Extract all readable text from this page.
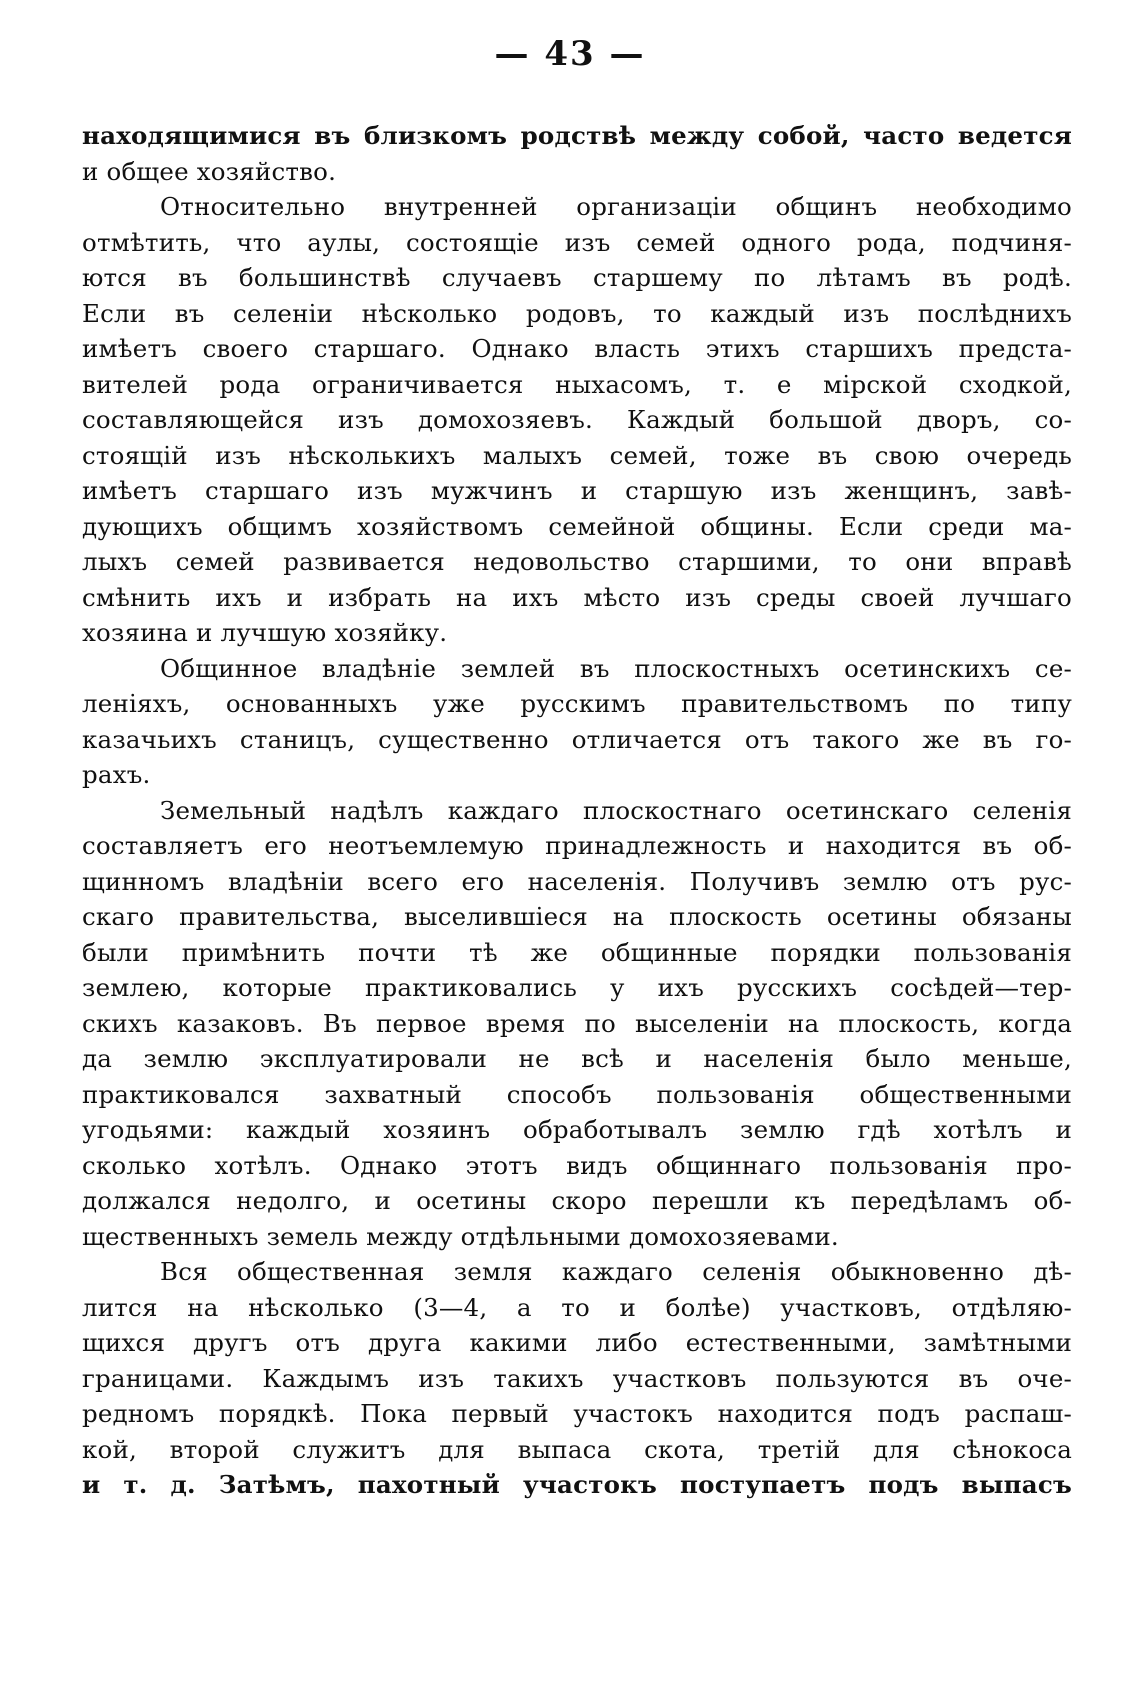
— 43 —
находящимися въ близкомъ родствѣ между собой, часто ведется
и общее хозяйство.
Относительно внутренней организаціи общинъ необходимо
отмѣтить, что аулы, состоящіе изъ семей одного рода, подчиня-
ются въ большинствѣ случаевъ старшему по лѣтамъ въ родѣ.
Если въ селеніи нѣсколько родовъ, то каждый изъ послѣднихъ
имѣетъ своего старшаго. Однако власть этихъ старшихъ предста-
вителей рода ограничивается ныхасомъ, т. е мірской сходкой,
составляющейся изъ домохозяевъ. Каждый большой дворъ, со-
стоящій изъ нѣсколькихъ малыхъ семей, тоже въ свою очередь
имѣетъ старшаго изъ мужчинъ и старшую изъ женщинъ, завѣ-
дующихъ общимъ хозяйствомъ семейной общины. Если среди ма-
лыхъ семей развивается недовольство старшими, то они вправѣ
смѣнить ихъ и избрать на ихъ мѣсто изъ среды своей лучшаго
хозяина и лучшую хозяйку.
Общинное владѣніе землей въ плоскостныхъ осетинскихъ се-
леніяхъ, основанныхъ уже русскимъ правительствомъ по типу
казачьихъ станицъ, существенно отличается отъ такого же въ го-
рахъ.
Земельный надѣлъ каждаго плоскостнаго осетинскаго селенія
составляетъ его неотъемлемую принадлежность и находится въ об-
щинномъ владѣніи всего его населенія. Получивъ землю отъ рус-
скаго правительства, выселившіеся на плоскость осетины обязаны
были примѣнить почти тѣ же общинные порядки пользованія
землею, которые практиковались у ихъ русскихъ сосѣдей—тер-
скихъ казаковъ. Въ первое время по выселеніи на плоскость, когда
да землю эксплуатировали не всѣ и населенія было меньше,
практиковался захватный способъ пользованія общественными
угодьями: каждый хозяинъ обработывалъ землю гдѣ хотѣлъ и
сколько хотѣлъ. Однако этотъ видъ общиннаго пользованія про-
должался недолго, и осетины скоро перешли къ передѣламъ об-
щественныхъ земель между отдѣльными домохозяевами.
Вся общественная земля каждаго селенія обыкновенно дѣ-
лится на нѣсколько (3—4, а то и болѣе) участковъ, отдѣляю-
щихся другъ отъ друга какими либо естественными, замѣтными
границами. Каждымъ изъ такихъ участковъ пользуются въ оче-
редномъ порядкѣ. Пока первый участокъ находится подъ распаш-
кой, второй служитъ для выпаса скота, третій для сѣнокоса
и т. д. Затѣмъ, пахотный участокъ поступаетъ подъ выпасъ
